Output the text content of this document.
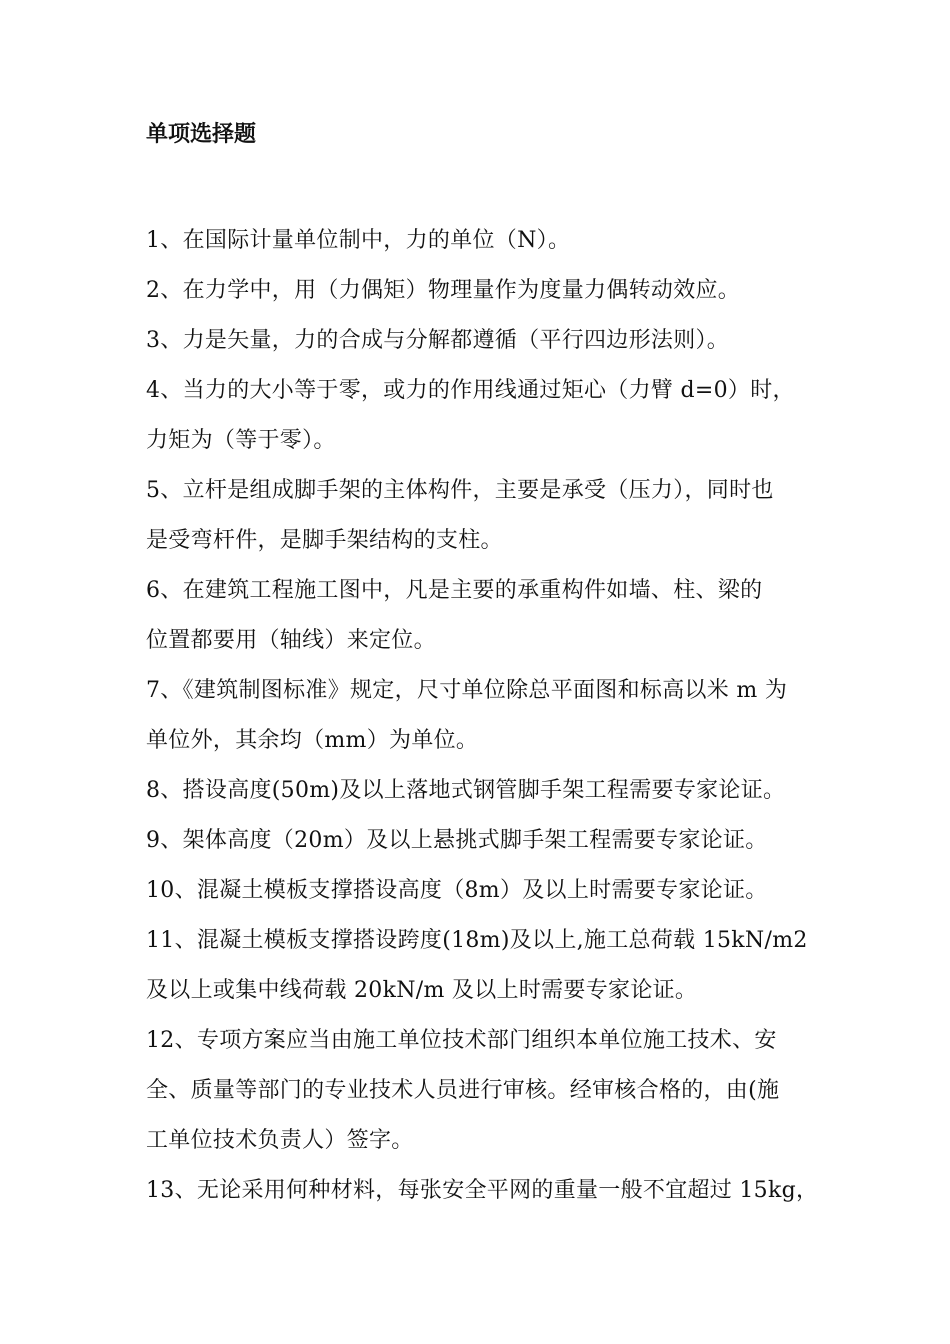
单项选择题
1、在国际计量单位制中，力的单位（N）。
2、在力学中，用（力偶矩）物理量作为度量力偶转动效应。
3、力是矢量，力的合成与分解都遵循（平行四边形法则）。
4、当力的大小等于零，或力的作用线通过矩心（力臂 d=0）时，
力矩为（等于零）。
5、立杆是组成脚手架的主体构件，主要是承受（压力），同时也
是受弯杆件，是脚手架结构的支柱。
6、在建筑工程施工图中，凡是主要的承重构件如墙、柱、梁的
位置都要用（轴线）来定位。
7、《建筑制图标准》规定，尺寸单位除总平面图和标高以米 m 为
单位外，其余均（mm）为单位。
8、搭设高度(50m)及以上落地式钢管脚手架工程需要专家论证。
9、架体高度（20m）及以上悬挑式脚手架工程需要专家论证。
10、混凝土模板支撑搭设高度（8m）及以上时需要专家论证。
11、混凝土模板支撑搭设跨度(18m)及以上,施工总荷载 15kN/m2
及以上或集中线荷载 20kN/m 及以上时需要专家论证。
12、专项方案应当由施工单位技术部门组织本单位施工技术、安
全、质量等部门的专业技术人员进行审核。经审核合格的，由(施
工单位技术负责人）签字。
13、无论采用何种材料，每张安全平网的重量一般不宜超过 15kg，
